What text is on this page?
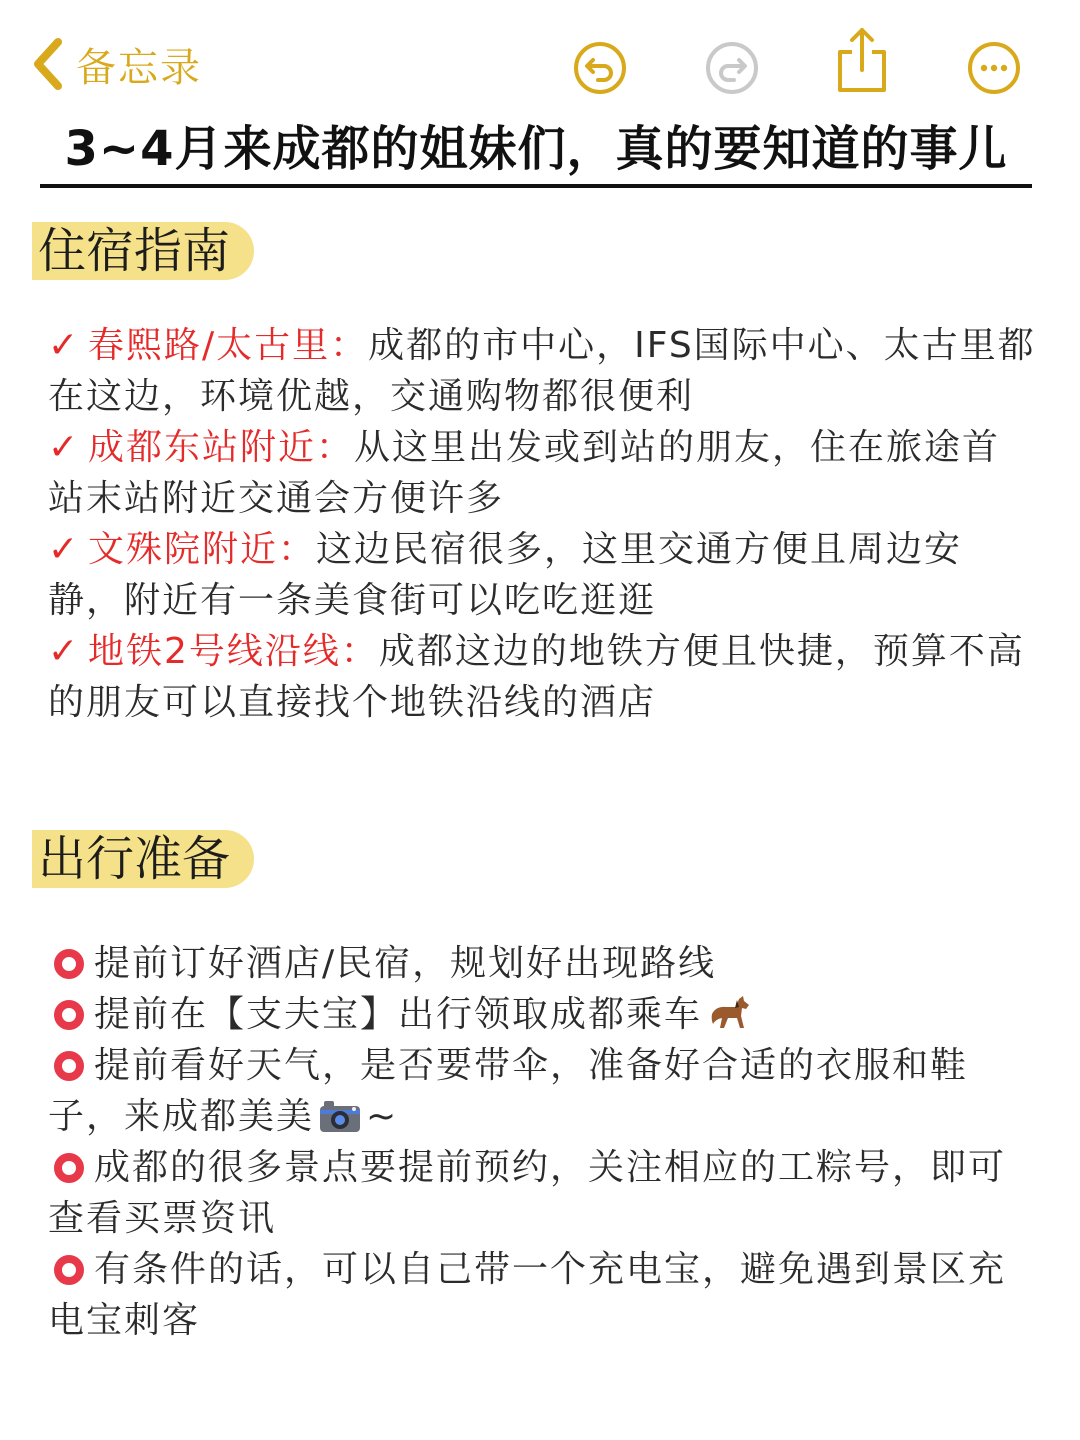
备忘录
3~4月来成都的姐妹们，真的要知道的事儿
住宿指南
✓ 春熙路/太古里：成都的市中心，IFS国际中心、太古里都在这边，环境优越，交通购物都很便利
✓ 成都东站附近：从这里出发或到站的朋友，住在旅途首站末站附近交通会方便许多
✓ 文殊院附近：这边民宿很多，这里交通方便且周边安静，附近有一条美食街可以吃吃逛逛
✓ 地铁2号线沿线：成都这边的地铁方便且快捷，预算不高的朋友可以直接找个地铁沿线的酒店
出行准备
提前订好酒店/民宿，规划好出现路线
提前在【支夫宝】出行领取成都乘车
提前看好天气，是否要带伞，准备好合适的衣服和鞋子，来成都美美 ~
成都的很多景点要提前预约，关注相应的工粽号，即可查看买票资讯
有条件的话，可以自己带一个充电宝，避免遇到景区充电宝刺客
